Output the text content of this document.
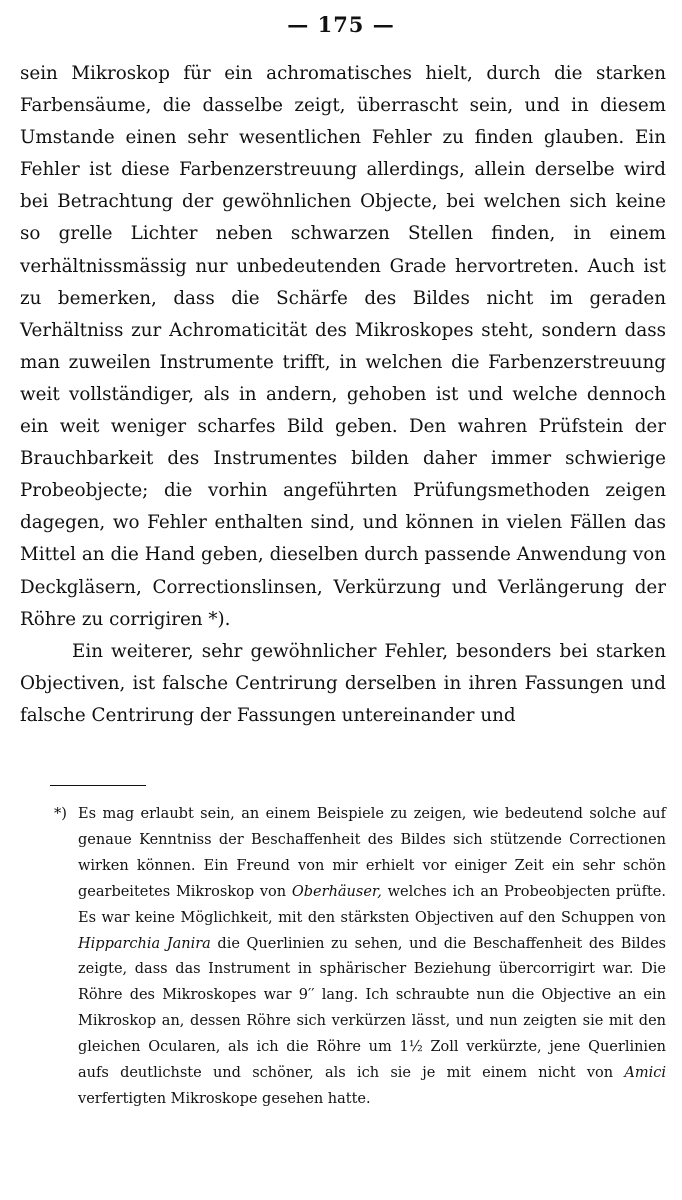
— 175 —

sein Mikroskop für ein achromatisches hielt, durch die starken Farbensäume, die dasselbe zeigt, überrascht sein, und in diesem Umstande einen sehr wesentlichen Fehler zu finden glauben. Ein Fehler ist diese Farbenzerstreuung allerdings, allein derselbe wird bei Betrachtung der gewöhnlichen Objecte, bei welchen sich keine so grelle Lichter neben schwarzen Stellen finden, in einem verhältnissmässig nur unbedeutenden Grade hervortreten. Auch ist zu bemerken, dass die Schärfe des Bildes nicht im geraden Verhältniss zur Achromaticität des Mikroskopes steht, sondern dass man zuweilen Instrumente trifft, in welchen die Farbenzerstreuung weit vollständiger, als in andern, gehoben ist und welche dennoch ein weit weniger scharfes Bild geben. Den wahren Prüfstein der Brauchbarkeit des Instrumentes bilden daher immer schwierige Probeobjecte; die vorhin angeführten Prüfungsmethoden zeigen dagegen, wo Fehler enthalten sind, und können in vielen Fällen das Mittel an die Hand geben, dieselben durch passende Anwendung von Deckgläsern, Correctionslinsen, Verkürzung und Verlängerung der Röhre zu corrigiren *).

Ein weiterer, sehr gewöhnlicher Fehler, besonders bei starken Objectiven, ist falsche Centrirung derselben in ihren Fassungen und falsche Centrirung der Fassungen untereinander und

*) Es mag erlaubt sein, an einem Beispiele zu zeigen, wie bedeutend solche auf genaue Kenntniss der Beschaffenheit des Bildes sich stützende Correctionen wirken können. Ein Freund von mir erhielt vor einiger Zeit ein sehr schön gearbeitetes Mikroskop von Oberhäuser, welches ich an Probeobjecten prüfte. Es war keine Möglichkeit, mit den stärksten Objectiven auf den Schuppen von Hipparchia Janira die Querlinien zu sehen, und die Beschaffenheit des Bildes zeigte, dass das Instrument in sphärischer Beziehung übercorrigirt war. Die Röhre des Mikroskopes war 9′′ lang. Ich schraubte nun die Objective an ein Mikroskop an, dessen Röhre sich verkürzen lässt, und nun zeigten sie mit den gleichen Ocularen, als ich die Röhre um 1½ Zoll verkürzte, jene Querlinien aufs deutlichste und schöner, als ich sie je mit einem nicht von Amici verfertigten Mikroskope gesehen hatte.
